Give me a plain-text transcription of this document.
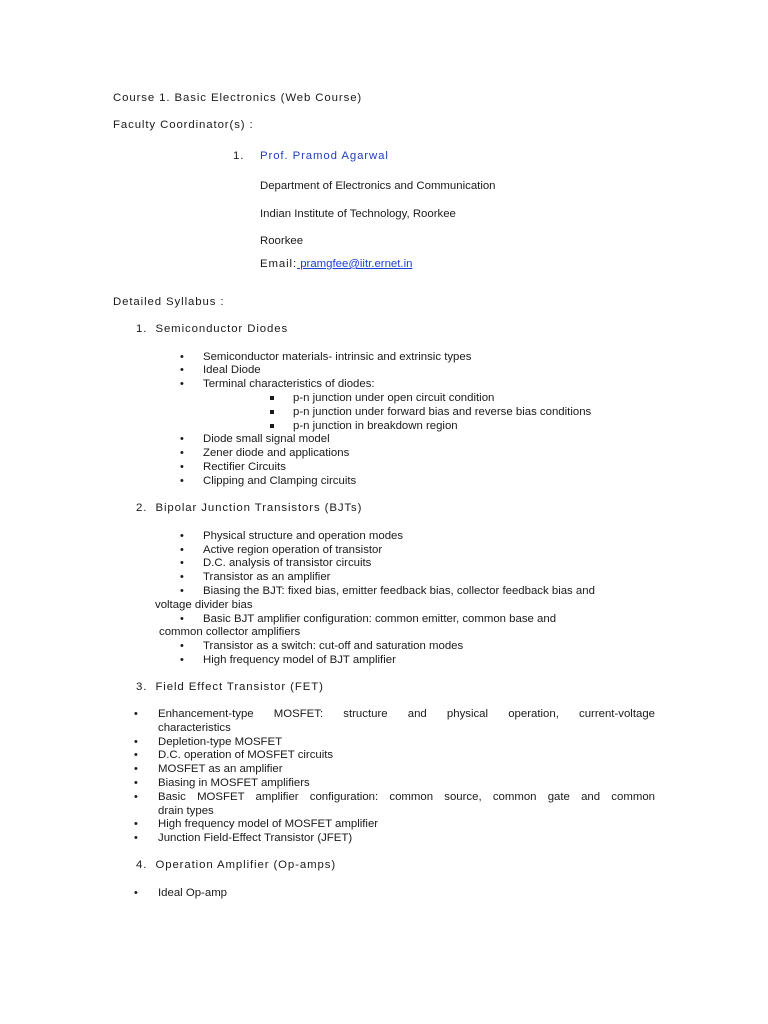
Course 1. Basic Electronics (Web Course)
Faculty Coordinator(s) :
1. Prof. Pramod Agarwal
Department of Electronics and Communication
Indian Institute of Technology, Roorkee
Roorkee
Email: pramgfee@iitr.ernet.in
Detailed Syllabus :
1. Semiconductor Diodes
• Semiconductor materials- intrinsic and extrinsic types
• Ideal Diode
• Terminal characteristics of diodes:
p-n junction under open circuit condition
p-n junction under forward bias and reverse bias conditions
p-n junction in breakdown region
• Diode small signal model
• Zener diode and applications
• Rectifier Circuits
• Clipping and Clamping circuits
2. Bipolar Junction Transistors (BJTs)
• Physical structure and operation modes
• Active region operation of transistor
• D.C. analysis of transistor circuits
• Transistor as an amplifier
• Biasing the BJT: fixed bias, emitter feedback bias, collector feedback bias and
voltage divider bias
• Basic BJT amplifier configuration: common emitter, common base and
common collector amplifiers
• Transistor as a switch: cut-off and saturation modes
• High frequency model of BJT amplifier
3. Field Effect Transistor (FET)
• Enhancement-type MOSFET: structure and physical operation, current-voltage
characteristics
• Depletion-type MOSFET
• D.C. operation of MOSFET circuits
• MOSFET as an amplifier
• Biasing in MOSFET amplifiers
• Basic MOSFET amplifier configuration: common source, common gate and common
drain types
• High frequency model of MOSFET amplifier
• Junction Field-Effect Transistor (JFET)
4. Operation Amplifier (Op-amps)
• Ideal Op-amp
